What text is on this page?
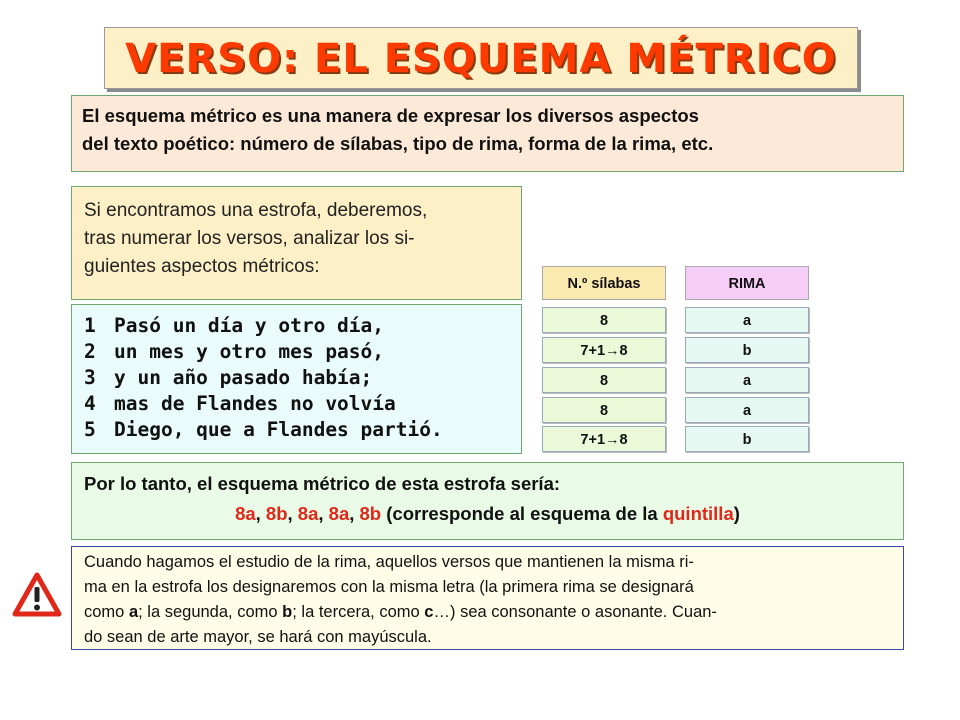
VERSO: EL ESQUEMA MÉTRICO
El esquema métrico es una manera de expresar los diversos aspectos
del texto poético: número de sílabas, tipo de rima, forma de la rima, etc.
Si encontramos una estrofa, deberemos,
tras numerar los versos, analizar los si-
guientes aspectos métricos:
1 Pasó un día y otro día,
2 un mes y otro mes pasó,
3 y un año pasado había;
4 mas de Flandes no volvía
5 Diego, que a Flandes partió.
N.º sílabas	RIMA
8
7+1→8
8
8
7+1→8
a
b
a
a
b
Por lo tanto, el esquema métrico de esta estrofa sería:
8a, 8b, 8a, 8a, 8b (corresponde al esquema de la quintilla)
Cuando hagamos el estudio de la rima, aquellos versos que mantienen la misma ri-
ma en la estrofa los designaremos con la misma letra (la primera rima se designará
como a; la segunda, como b; la tercera, como c…) sea consonante o asonante. Cuan-
do sean de arte mayor, se hará con mayúscula.
